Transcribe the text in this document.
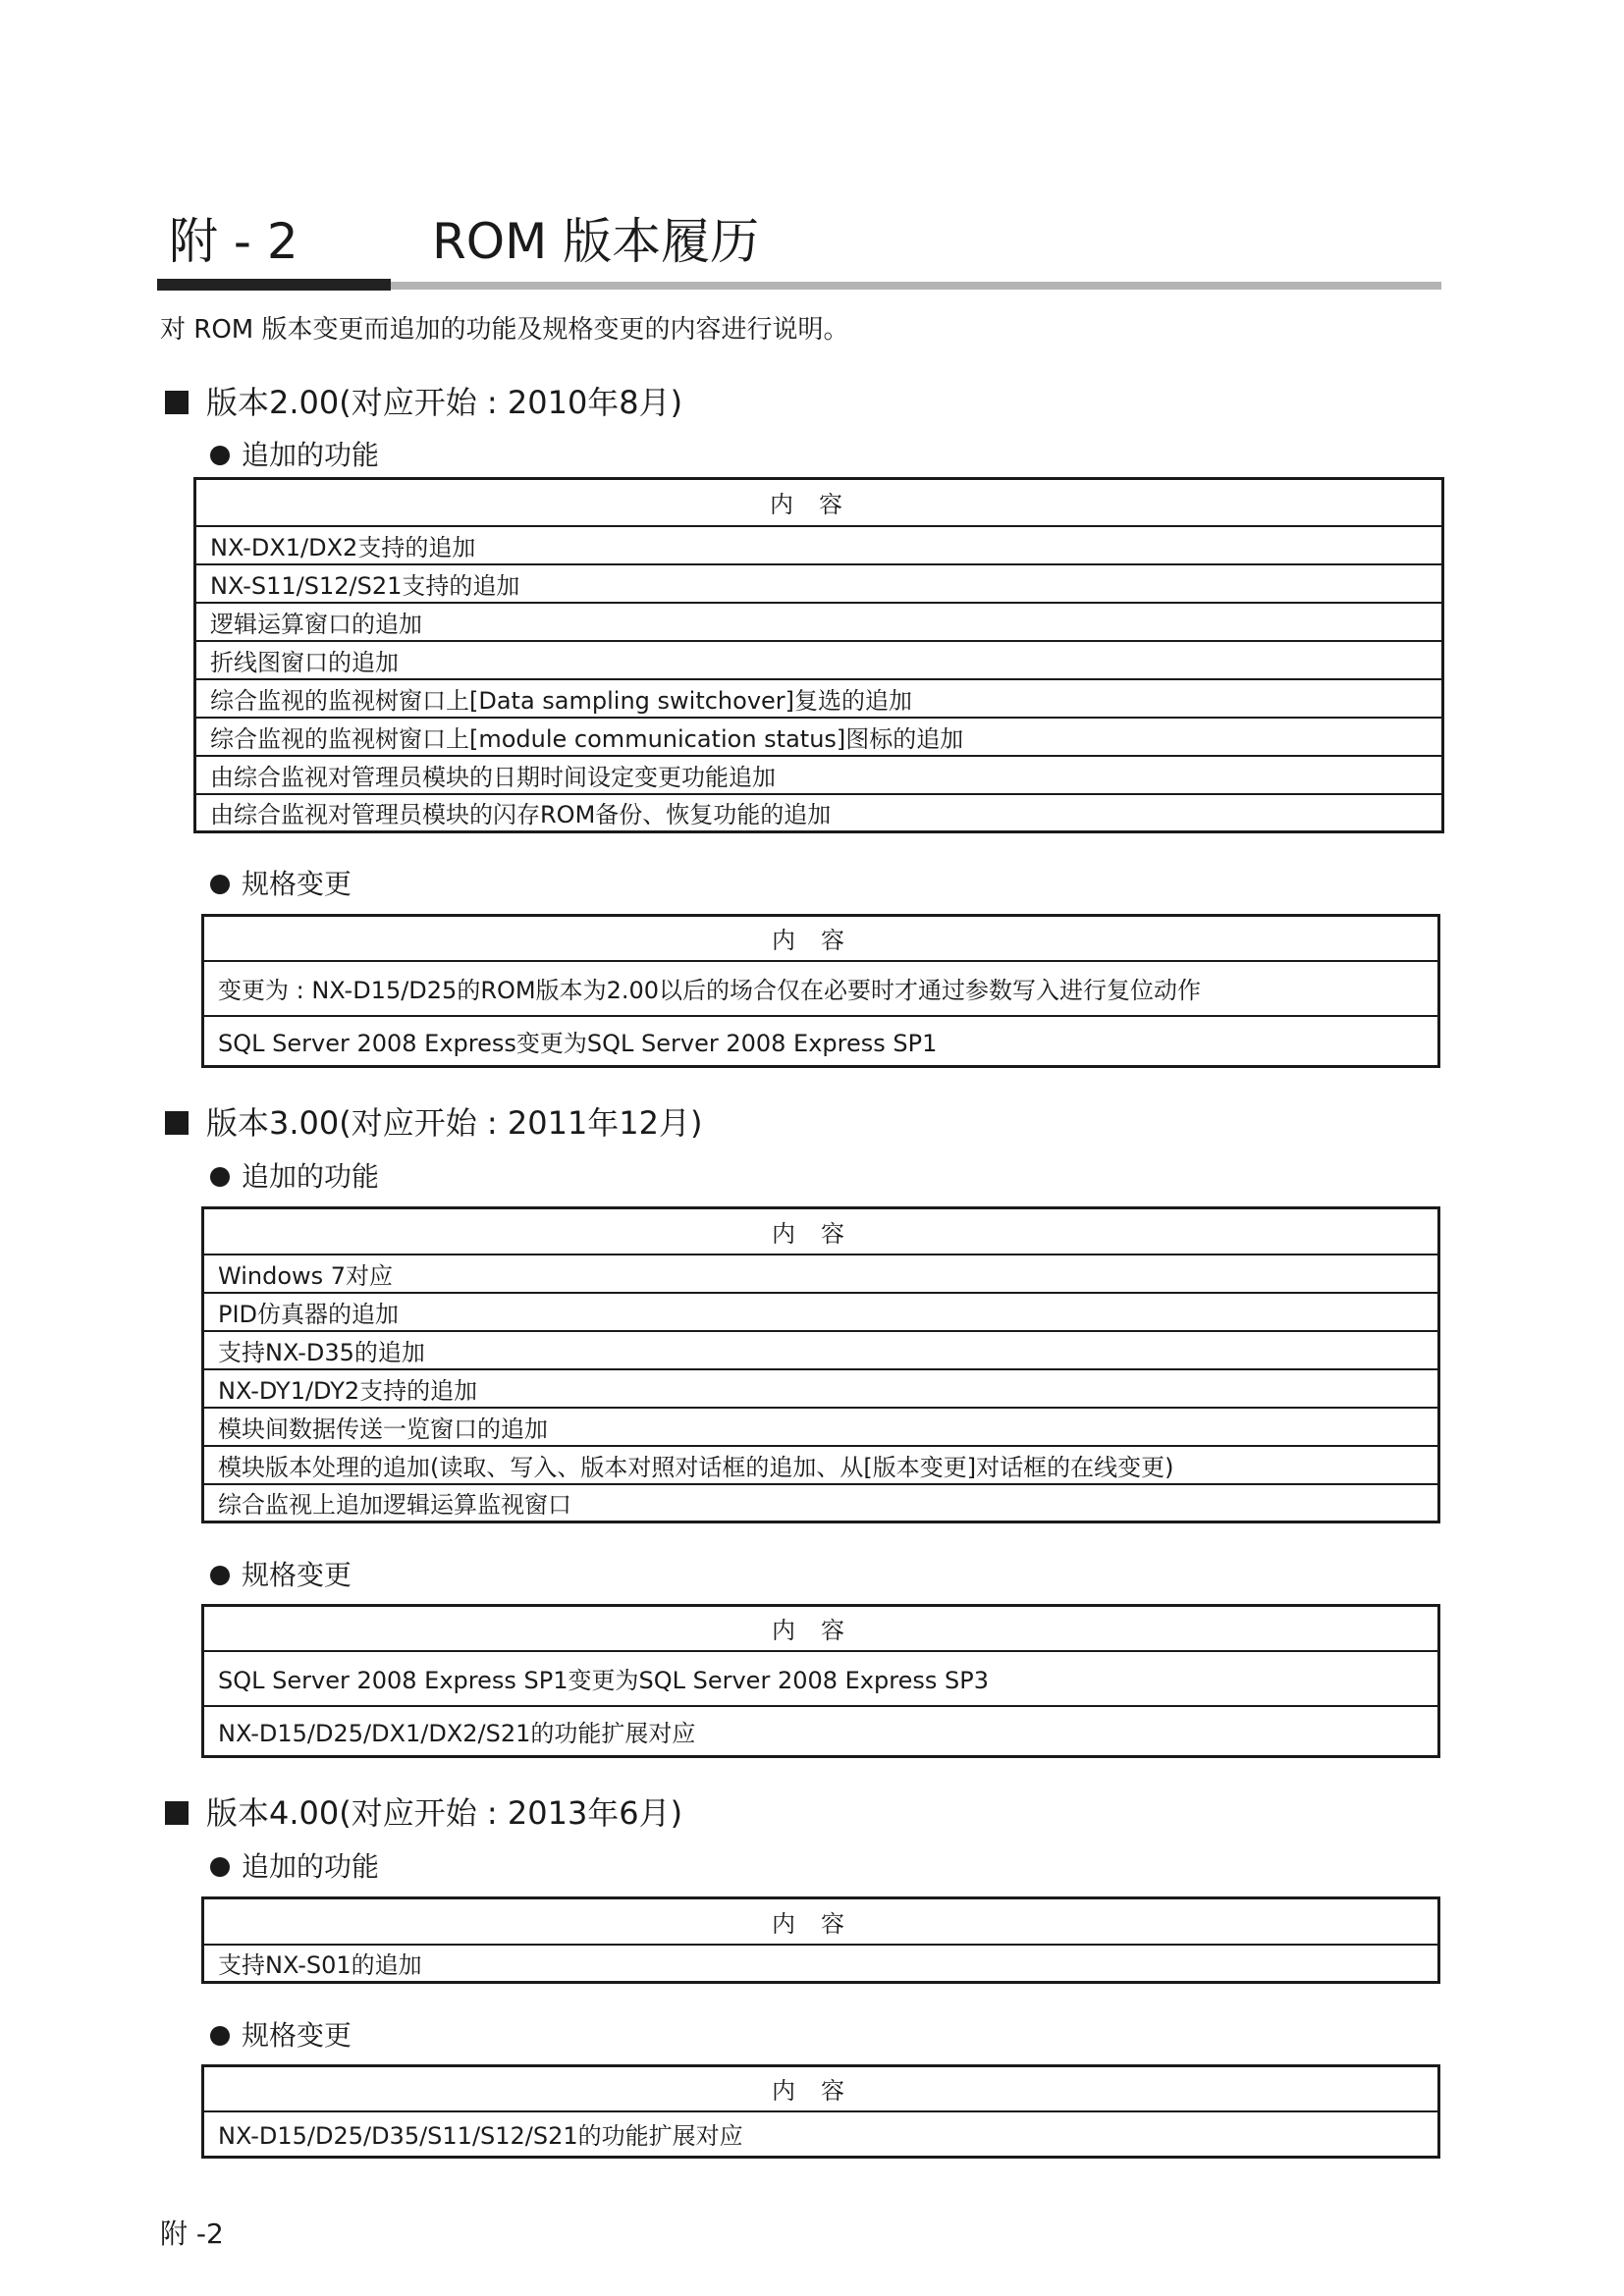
附 - 2	ROM 版本履历
对 ROM 版本变更而追加的功能及规格变更的内容进行说明。
版本2.00(对应开始 : 2010年8月)
追加的功能
内容
NX-DX1/DX2支持的追加
NX-S11/S12/S21支持的追加
逻辑运算窗口的追加
折线图窗口的追加
综合监视的监视树窗口上[Data sampling switchover]复选的追加
综合监视的监视树窗口上[module communication status]图标的追加
由综合监视对管理员模块的日期时间设定变更功能追加
由综合监视对管理员模块的闪存ROM备份、恢复功能的追加
规格变更
内容
变更为 : NX-D15/D25的ROM版本为2.00以后的场合仅在必要时才通过参数写入进行复位动作
SQL Server 2008 Express变更为SQL Server 2008 Express SP1
版本3.00(对应开始 : 2011年12月)
追加的功能
内容
Windows 7对应
PID仿真器的追加
支持NX-D35的追加
NX-DY1/DY2支持的追加
模块间数据传送一览窗口的追加
模块版本处理的追加(读取、写入、版本对照对话框的追加、从[版本变更]对话框的在线变更)
综合监视上追加逻辑运算监视窗口
规格变更
内容
SQL Server 2008 Express SP1变更为SQL Server 2008 Express SP3
NX-D15/D25/DX1/DX2/S21的功能扩展对应
版本4.00(对应开始 : 2013年6月)
追加的功能
内容
支持NX-S01的追加
规格变更
内容
NX-D15/D25/D35/S11/S12/S21的功能扩展对应
附 -2
